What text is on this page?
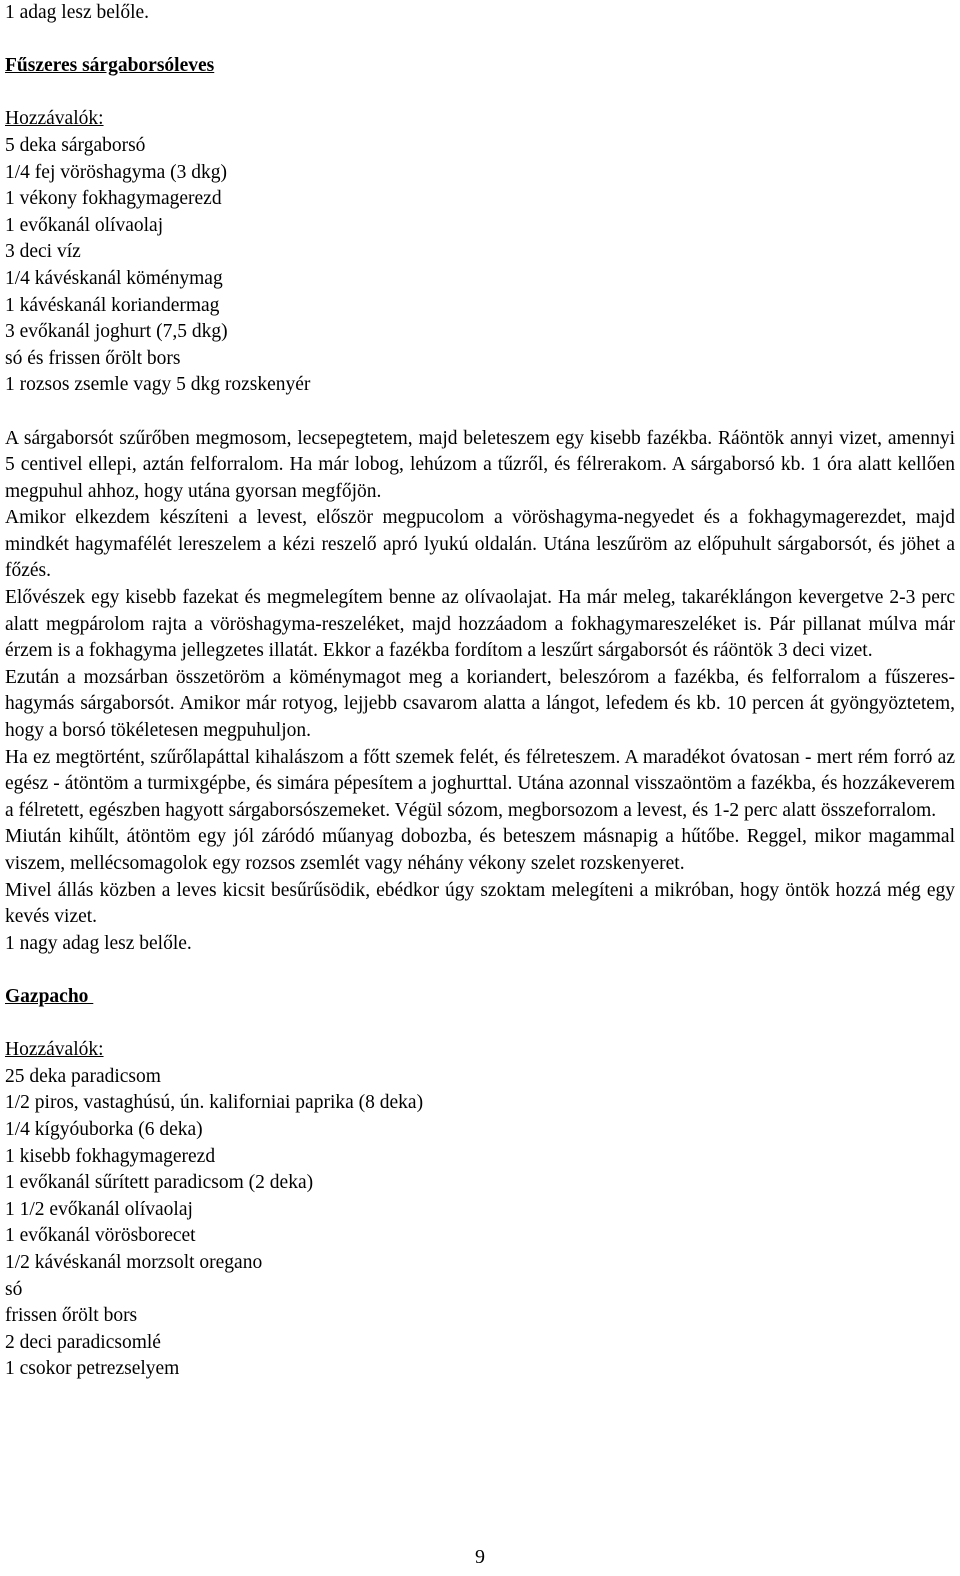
1 adag lesz belőle.

Fűszeres sárgaborsóleves

Hozzávalók:

5 deka sárgaborsó

1/4 fej vöröshagyma (3 dkg)

1 vékony fokhagymagerezd

1 evőkanál olívaolaj

3 deci víz

1/4 kávéskanál köménymag

1 kávéskanál koriandermag

3 evőkanál joghurt (7,5 dkg)

só és frissen őrölt bors

1 rozsos zsemle vagy 5 dkg rozskenyér

A sárgaborsót szűrőben megmosom, lecsepegtetem, majd beleteszem egy kisebb fazékba. Ráöntök annyi vizet, amennyi 5 centivel ellepi, aztán felforralom. Ha már lobog, lehúzom a tűzről, és félrerakom. A sárgaborsó kb. 1 óra alatt kellően megpuhul ahhoz, hogy utána gyorsan megfőjön.

Amikor elkezdem készíteni a levest, először megpucolom a vöröshagyma-negyedet és a fokhagymagerezdet, majd mindkét hagymafélét lereszelem a kézi reszelő apró lyukú oldalán. Utána leszűröm az előpuhult sárgaborsót, és jöhet a főzés.

Elővészek egy kisebb fazekat és megmelegítem benne az olívaolajat. Ha már meleg, takaréklángon kevergetve 2-3 perc alatt megpárolom rajta a vöröshagyma-reszeléket, majd hozzáadom a fokhagymareszeléket is. Pár pillanat múlva már érzem is a fokhagyma jellegzetes illatát. Ekkor a fazékba fordítom a leszűrt sárgaborsót és ráöntök 3 deci vizet.

Ezután a mozsárban összetöröm a köménymagot meg a koriandert, beleszórom a fazékba, és felforralom a fűszeres-hagymás sárgaborsót. Amikor már rotyog, lejjebb csavarom alatta a lángot, lefedem és kb. 10 percen át gyöngyöztetem, hogy a borsó tökéletesen megpuhuljon.

Ha ez megtörtént, szűrőlapáttal kihalászom a főtt szemek felét, és félreteszem. A maradékot óvatosan - mert rém forró az egész - átöntöm a turmixgépbe, és simára pépesítem a joghurttal. Utána azonnal visszaöntöm a fazékba, és hozzákeverem a félretett, egészben hagyott sárgaborsószemeket. Végül sózom, megborsozom a levest, és 1-2 perc alatt összeforralom.

Miután kihűlt, átöntöm egy jól záródó műanyag dobozba, és beteszem másnapig a hűtőbe. Reggel, mikor magammal viszem, mellécsomagolok egy rozsos zsemlét vagy néhány vékony szelet rozskenyeret.

Mivel állás közben a leves kicsit besűrűsödik, ebédkor úgy szoktam melegíteni a mikróban, hogy öntök hozzá még egy kevés vizet.

1 nagy adag lesz belőle.

Gazpacho

Hozzávalók:

25 deka paradicsom

1/2 piros, vastaghúsú, ún. kaliforniai paprika (8 deka)

1/4 kígyóuborka (6 deka)

1 kisebb fokhagymagerezd

1 evőkanál sűrített paradicsom (2 deka)

1 1/2 evőkanál olívaolaj

1 evőkanál vörösborecet

1/2 kávéskanál morzsolt oregano

só

frissen őrölt bors

2 deci paradicsomlé

1 csokor petrezselyem

9
